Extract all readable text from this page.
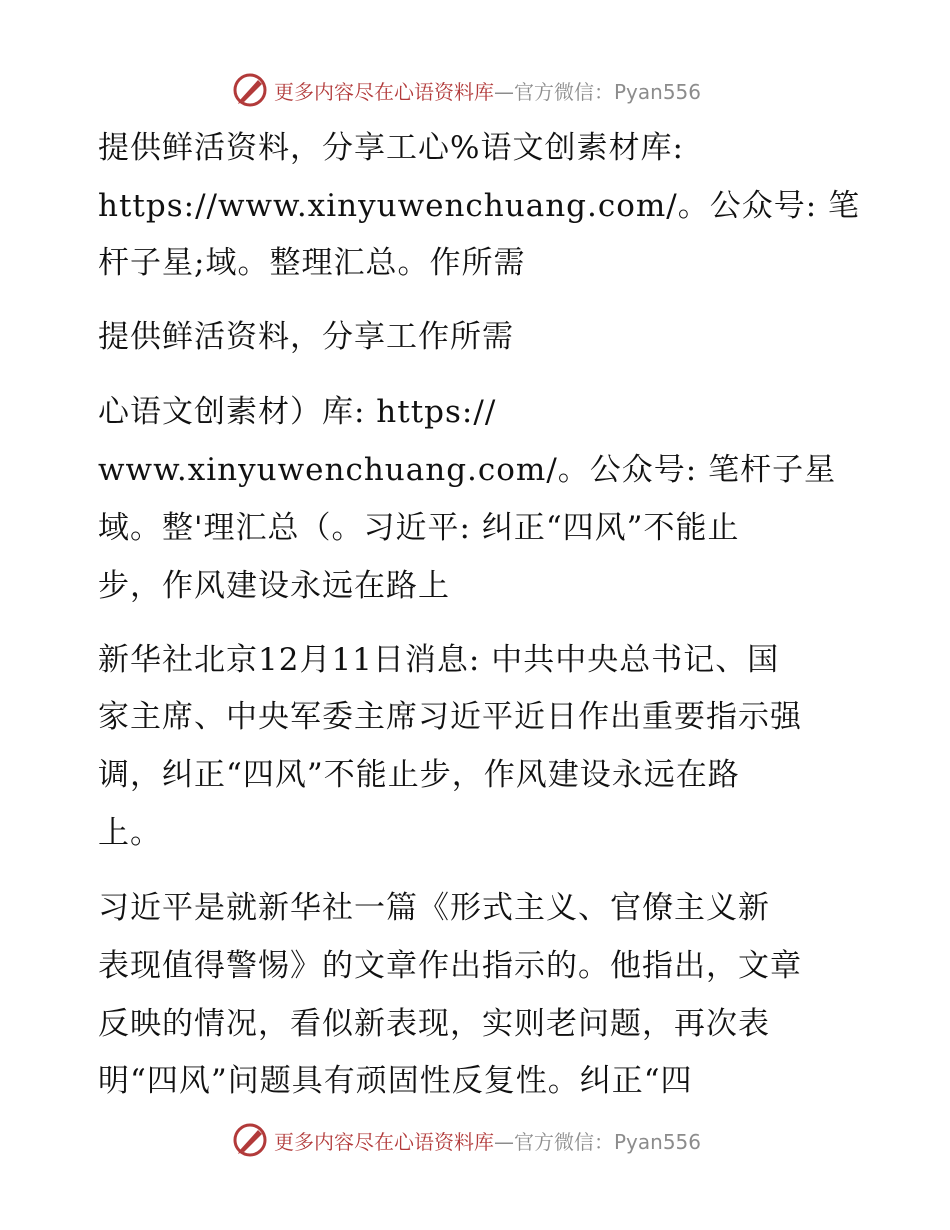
更多内容尽在心语资料库—官方微信：Pyan556
提供鲜活资料，分享工心%语文创素材库:
https://www.xinyuwenchuang.com/。公众号: 笔
杆子星;域。整理汇总。作所需
提供鲜活资料，分享工作所需
心语文创素材）库: https://
www.xinyuwenchuang.com/。公众号: 笔杆子星
域。整'理汇总（。习近平: 纠正“四风”不能止
步，作风建设永远在路上
新华社北京12月11日消息: 中共中央总书记、国
家主席、中央军委主席习近平近日作出重要指示强
调，纠正“四风”不能止步，作风建设永远在路
上。
习近平是就新华社一篇《形式主义、官僚主义新
表现值得警惕》的文章作出指示的。他指出，文章
反映的情况，看似新表现，实则老问题，再次表
明“四风”问题具有顽固性反复性。纠正“四
更多内容尽在心语资料库—官方微信：Pyan556
